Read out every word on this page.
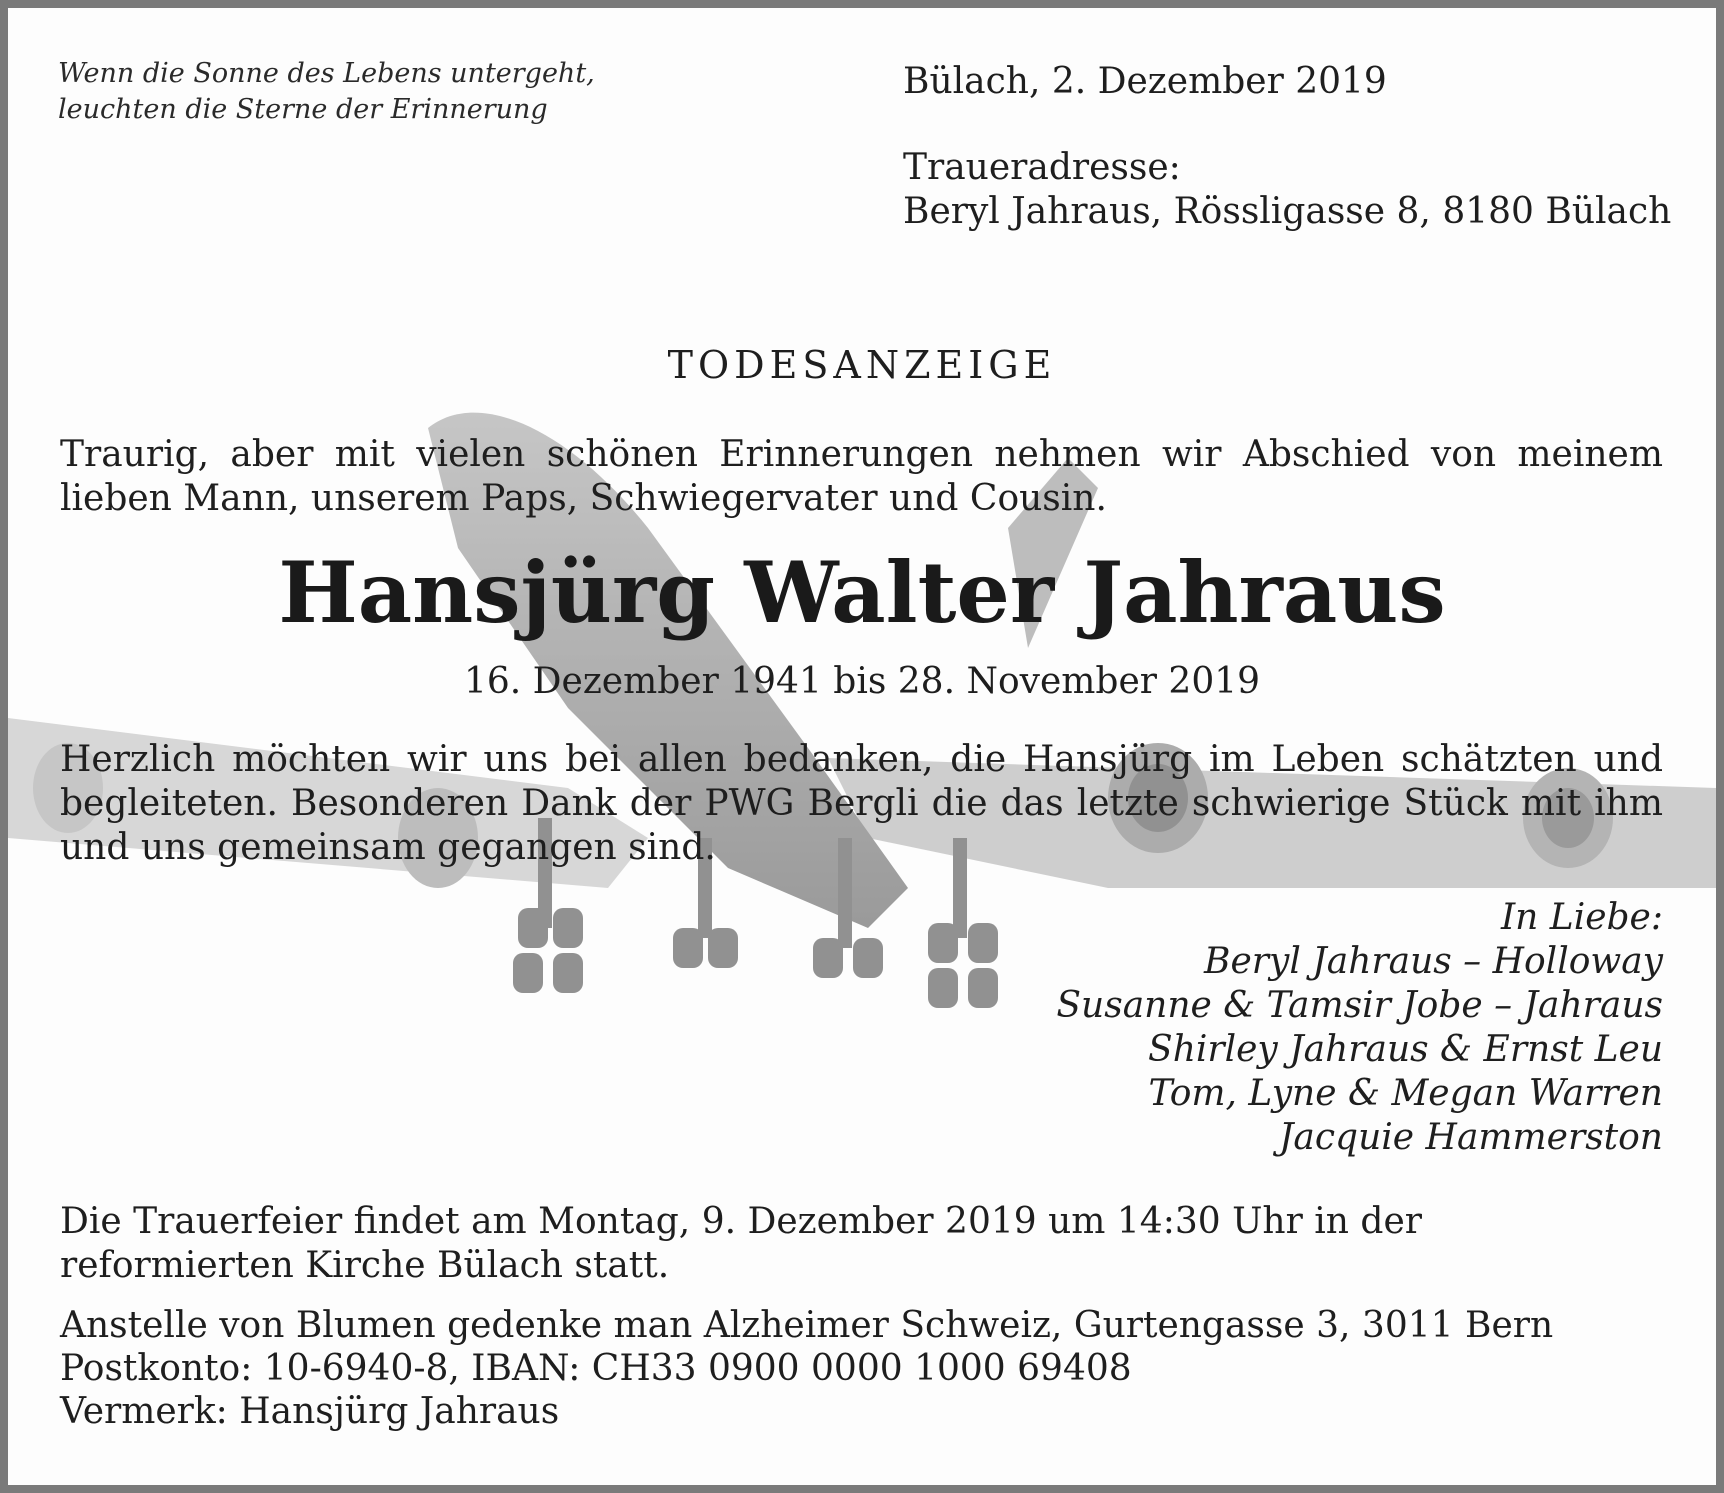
Wenn die Sonne des Lebens untergeht,
leuchten die Sterne der Erinnerung
Bülach, 2. Dezember 2019
Traueradresse:
Beryl Jahraus, Rössligasse 8, 8180 Bülach
TODESANZEIGE

Traurig, aber mit vielen schönen Erinnerungen nehmen wir Abschied von meinem lieben Mann, unserem Paps, Schwiegervater und Cousin.

Hansjürg Walter Jahraus
16. Dezember 1941 bis 28. November 2019

Herzlich möchten wir uns bei allen bedanken, die Hansjürg im Leben schätzten und begleiteten. Besonderen Dank der PWG Bergli die das letzte schwierige Stück mit ihm und uns gemeinsam gegangen sind.

In Liebe:
Beryl Jahraus – Holloway
Susanne & Tamsir Jobe – Jahraus
Shirley Jahraus & Ernst Leu
Tom, Lyne & Megan Warren
Jacquie Hammerston
Die Trauerfeier findet am Montag, 9. Dezember 2019 um 14:30 Uhr in der
reformierten Kirche Bülach statt.
Anstelle von Blumen gedenke man Alzheimer Schweiz, Gurtengasse 3, 3011 Bern
Postkonto: 10-6940-8, IBAN: CH33 0900 0000 1000 69408
Vermerk: Hansjürg Jahraus
